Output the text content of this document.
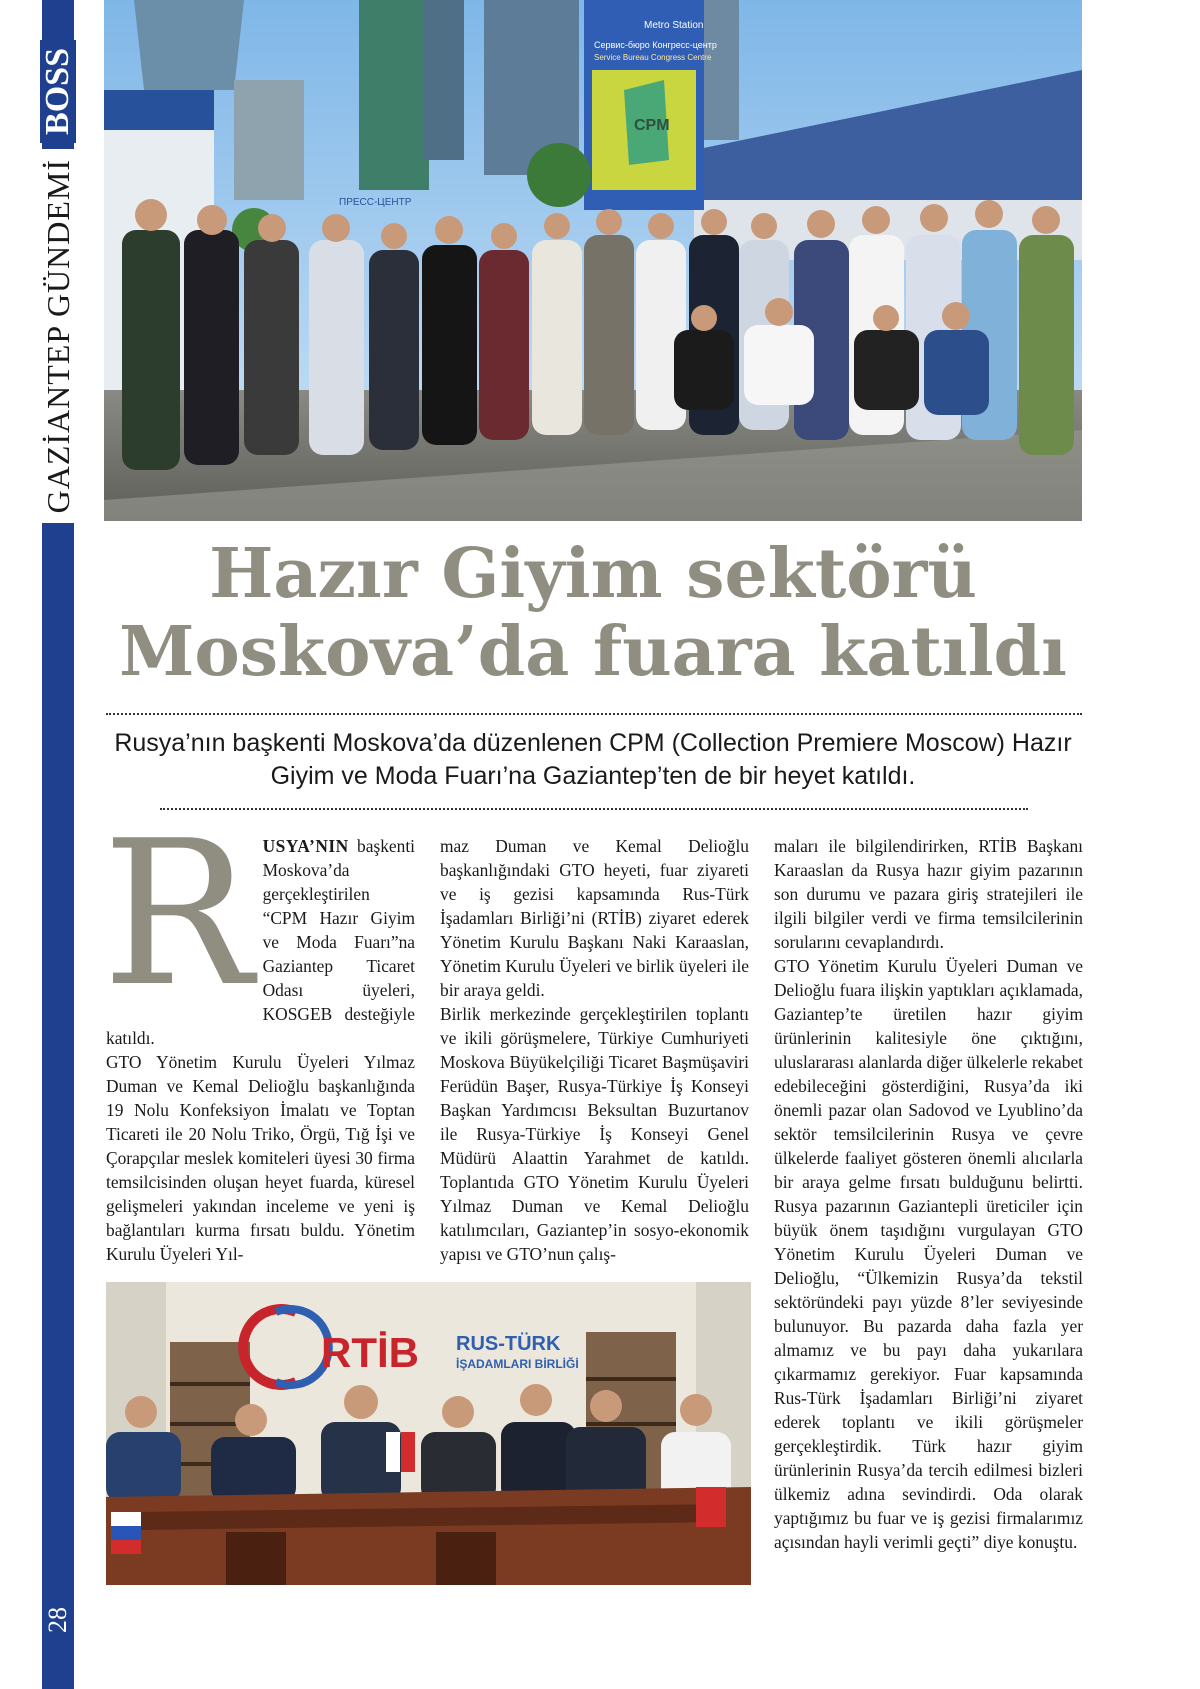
GAZİANTEP GÜNDEMİ
BOSS
28
Metro Station
Сервис-бюро Конгресс-центр
Service Bureau Congress Centre
CPM
ПРЕСС-ЦЕНТР
Hazır Giyim sektörü
Moskova’da fuara katıldı

Rusya’nın başkenti Moskova’da düzenlenen CPM (Collection Premiere Moscow) Hazır Giyim ve Moda Fuarı’na Gaziantep’ten de bir heyet katıldı.

R USYA’NIN başkenti Moskova’da gerçekleştirilen “CPM Hazır Giyim ve Moda Fuarı”na Gaziantep Ticaret Odası üyeleri, KOSGEB desteğiyle katıldı.

GTO Yönetim Kurulu Üyeleri Yılmaz Duman ve Kemal Delioğlu başkanlığında 19 Nolu Konfeksiyon İmalatı ve Toptan Ticareti ile 20 Nolu Triko, Örgü, Tığ İşi ve Çorapçılar meslek komiteleri üyesi 30 firma temsilcisinden oluşan heyet fuarda, küresel gelişmeleri yakından inceleme ve yeni iş bağlantıları kurma fırsatı buldu. Yönetim Kurulu Üyeleri Yıl-

maz Duman ve Kemal Delioğlu başkanlığındaki GTO heyeti, fuar ziyareti ve iş gezisi kapsamında Rus-Türk İşadamları Birliği’ni (RTİB) ziyaret ederek Yönetim Kurulu Başkanı Naki Karaaslan, Yönetim Kurulu Üyeleri ve birlik üyeleri ile bir araya geldi.

Birlik merkezinde gerçekleştirilen toplantı ve ikili görüşmelere, Türkiye Cumhuriyeti Moskova Büyükelçiliği Ticaret Başmüşaviri Ferüdün Başer, Rusya-Türkiye İş Konseyi Başkan Yardımcısı Beksultan Buzurtanov ile Rusya-Türkiye İş Konseyi Genel Müdürü Alaattin Yarahmet de katıldı. Toplantıda GTO Yönetim Kurulu Üyeleri Yılmaz Duman ve Kemal Delioğlu katılımcıları, Gaziantep’in sosyo-ekonomik yapısı ve GTO’nun çalış-

maları ile bilgilendirirken, RTİB Başkanı Karaaslan da Rusya hazır giyim pazarının son durumu ve pazara giriş stratejileri ile ilgili bilgiler verdi ve firma temsilcilerinin sorularını cevaplandırdı.

GTO Yönetim Kurulu Üyeleri Duman ve Delioğlu fuara ilişkin yaptıkları açıklamada, Gaziantep’te üretilen hazır giyim ürünlerinin kalitesiyle öne çıktığını, uluslararası alanlarda diğer ülkelerle rekabet edebileceğini gösterdiğini, Rusya’da iki önemli pazar olan Sadovod ve Lyublino’da sektör temsilcilerinin Rusya ve çevre ülkelerde faaliyet gösteren önemli alıcılarla bir araya gelme fırsatı bulduğunu belirtti. Rusya pazarının Gaziantepli üreticiler için büyük önem taşıdığını vurgulayan GTO Yönetim Kurulu Üyeleri Duman ve Delioğlu, “Ülkemizin Rusya’da tekstil sektöründeki payı yüzde 8’ler seviyesinde bulunuyor. Bu pazarda daha fazla yer almamız ve bu payı daha yukarılara çıkarmamız gerekiyor. Fuar kapsamında Rus-Türk İşadamları Birliği’ni ziyaret ederek toplantı ve ikili görüşmeler gerçekleştirdik. Türk hazır giyim ürünlerinin Rusya’da tercih edilmesi bizleri ülkemiz adına sevindirdi. Oda olarak yaptığımız bu fuar ve iş gezisi firmalarımız açısından hayli verimli geçti” diye konuştu.

RTİB RUS-TÜRK
İŞADAMLARI BİRLİĞİ
